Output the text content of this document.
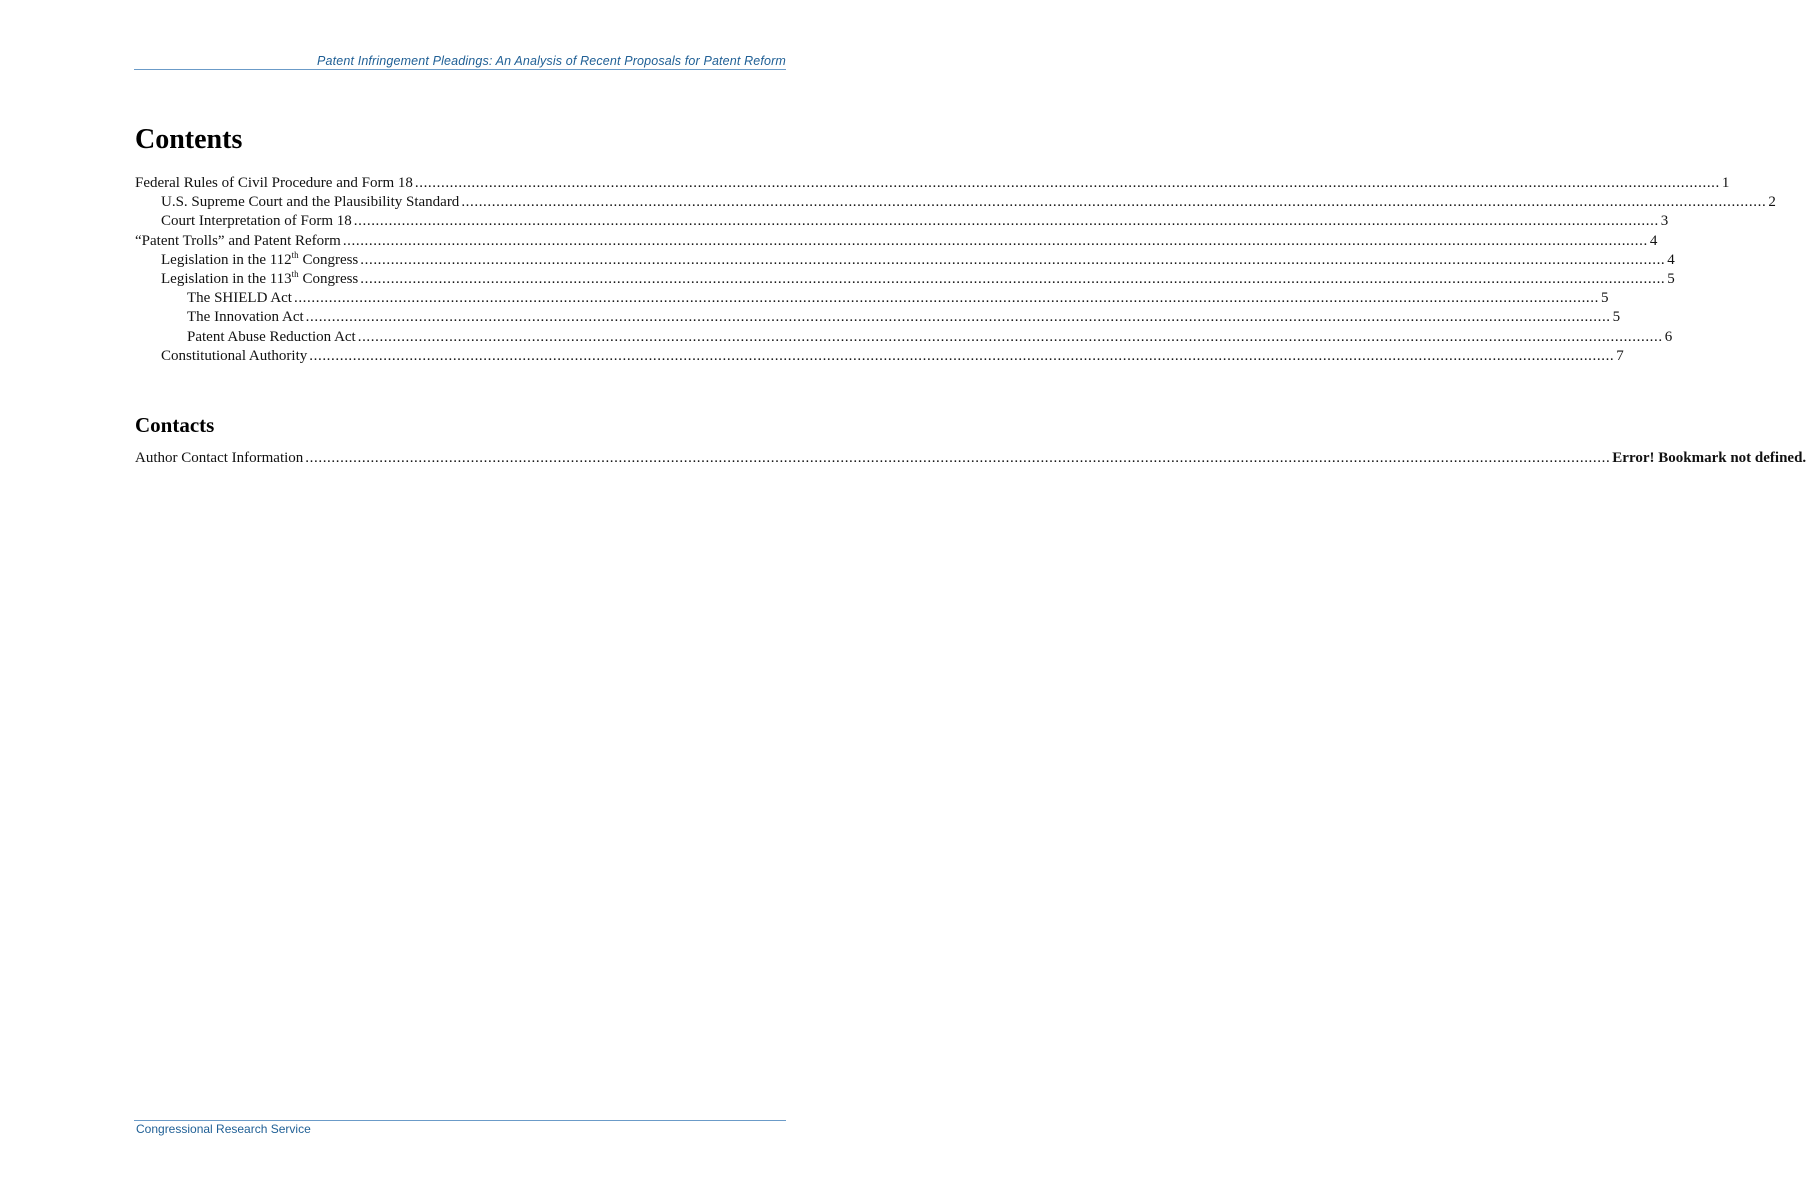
Patent Infringement Pleadings: An Analysis of Recent Proposals for Patent Reform
Contents
Federal Rules of Civil Procedure and Form 18 ............................................................................................................................................................................................................................................................................................................ 1
U.S. Supreme Court and the Plausibility Standard ............................................................................................................................................................................................................................................................................................................ 2
Court Interpretation of Form 18 ............................................................................................................................................................................................................................................................................................................ 3
“Patent Trolls” and Patent Reform ............................................................................................................................................................................................................................................................................................................ 4
Legislation in the 112th Congress ............................................................................................................................................................................................................................................................................................................ 4
Legislation in the 113th Congress ............................................................................................................................................................................................................................................................................................................ 5
The SHIELD Act ............................................................................................................................................................................................................................................................................................................ 5
The Innovation Act ............................................................................................................................................................................................................................................................................................................ 5
Patent Abuse Reduction Act ............................................................................................................................................................................................................................................................................................................ 6
Constitutional Authority ............................................................................................................................................................................................................................................................................................................ 7
Contacts
Author Contact Information ............................................................................................................................................................................................................................................................................................................ Error! Bookmark not defined.
Congressional Research Service
